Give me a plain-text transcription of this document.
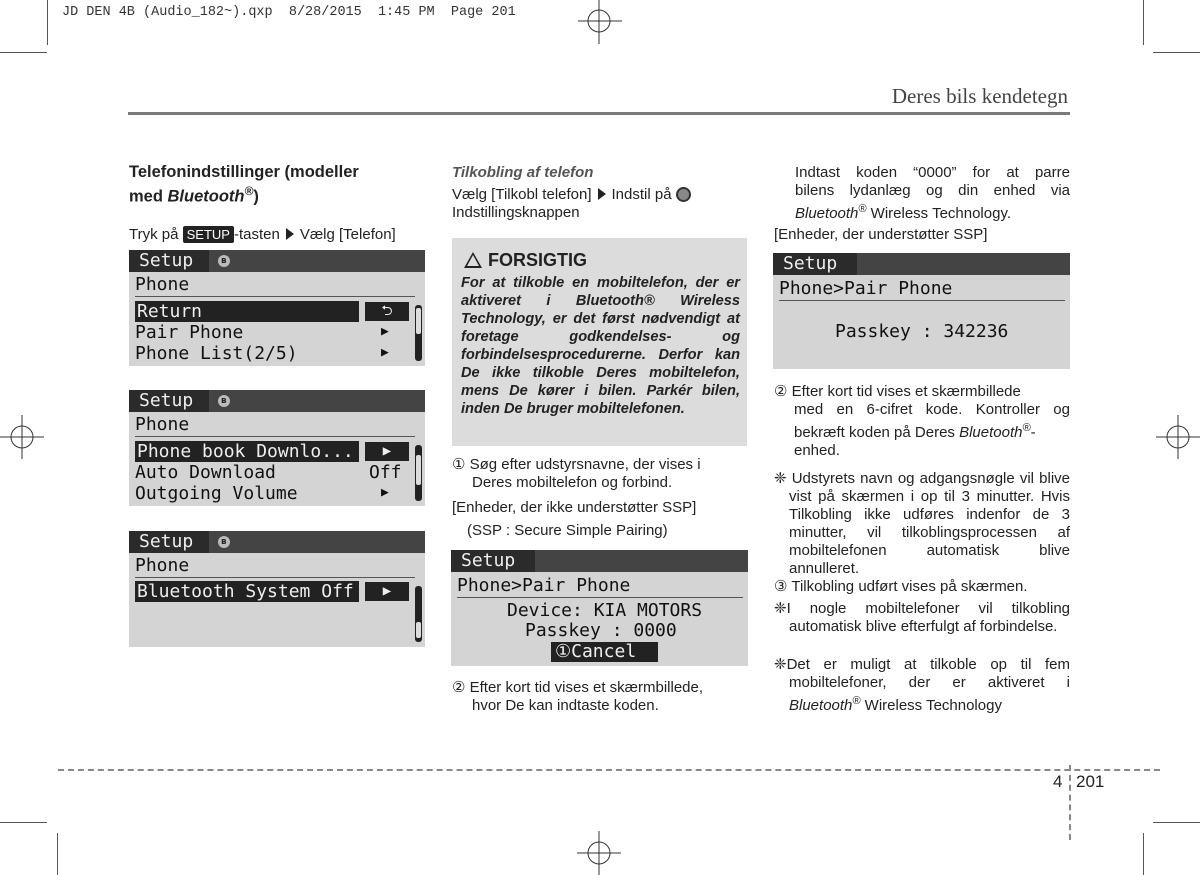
JD DEN 4B (Audio_182~).qxp  8/28/2015  1:45 PM  Page 201
Deres bils kendetegn
Telefonindstillinger (modeller
med Bluetooth®)
Tryk på SETUP -tasten Vælg [Telefon]
Setup	ʙ
Phone
Return	⮌
Pair Phone	▶
Phone List(2/5)	▶
Setup	ʙ
Phone
Phone book Downlo...	▶
Auto Download	Off
Outgoing Volume	▶
Setup	ʙ
Phone
Bluetooth System Off	▶
Tilkobling af telefon
Vælg [Tilkobl telefon] Indstil på
Indstillingsknappen
FORSIGTIG
For at tilkoble en mobiltelefon, der er aktiveret i Bluetooth® Wireless Technology, er det først nødvendigt at foretage godkendelses- og forbindelsesprocedurerne. Derfor kan De ikke tilkoble Deres mobiltelefon, mens De kører i bilen. Parkér bilen, inden De bruger mobiltelefonen.
① Søg efter udstyrsnavne, der vises i
Deres mobiltelefon og forbind.
[Enheder, der ikke understøtter SSP]
(SSP : Secure Simple Pairing)
Setup
Phone>Pair Phone
Device: KIA MOTORS
Passkey : 0000
①Cancel
② Efter kort tid vises et skærmbillede,
hvor De kan indtaste koden.
Indtast koden “0000” for at parre
bilens lydanlæg og din enhed via
Bluetooth® Wireless Technology.
[Enheder, der understøtter SSP]
Setup
Phone>Pair Phone
Passkey : 342236
② Efter kort tid vises et skærmbillede
med en 6-cifret kode. Kontroller og
bekræft koden på Deres Bluetooth®-
enhed.
❈ Udstyrets navn og adgangsnøgle vil blive vist på skærmen i op til 3 minutter. Hvis Tilkobling ikke udføres indenfor de 3 minutter, vil tilkoblingsprocessen af mobiltelefonen automatisk blive annulleret.
③ Tilkobling udført vises på skærmen.
❈I nogle mobiltelefoner vil tilkobling automatisk blive efterfulgt af forbindelse.
❈Det er muligt at tilkoble op til fem mobiltelefoner, der er aktiveret i Bluetooth® Wireless Technology
4 201
